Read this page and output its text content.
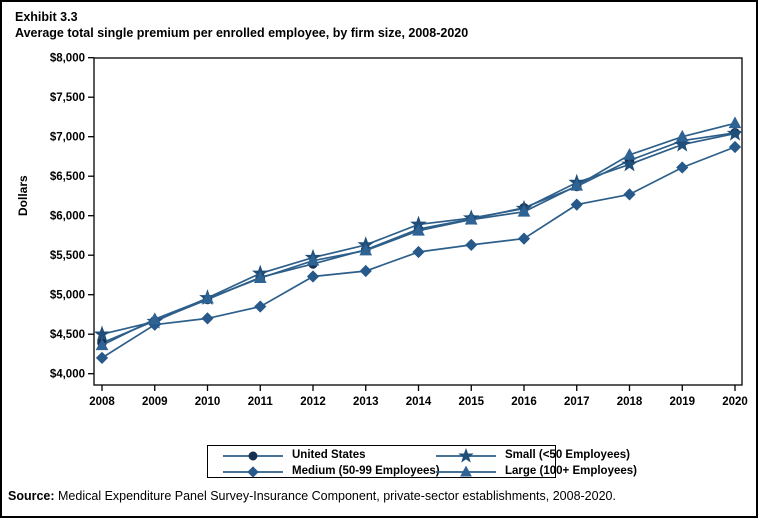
Exhibit 3.3
Average total single premium per enrolled employee, by firm size, 2008-2020
Dollars
$8,000
$7,500
$7,000
$6,500
$6,000
$5,500
$5,000
$4,500
$4,000
2008 2009 2010 2011 2012 2013 2014 2015 2016 2017 2018 2019 2020
United States	Small (<50 Employees)
Medium (50-99 Employees)	Large (100+ Employees)
Source: Medical Expenditure Panel Survey-Insurance Component, private-sector establishments, 2008-2020.
